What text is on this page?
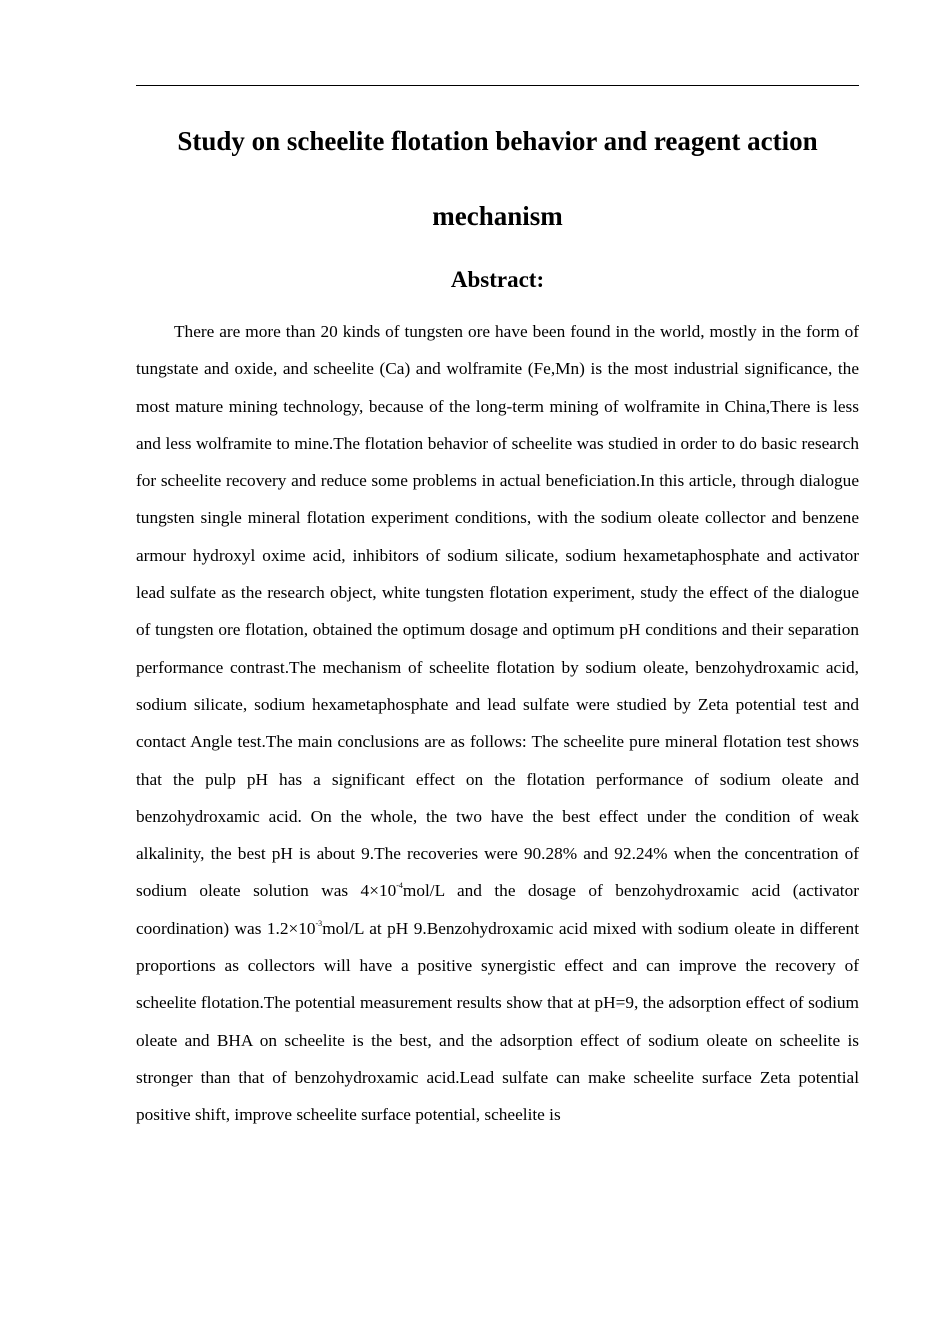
Study on scheelite flotation behavior and reagent action mechanism
Abstract:

There are more than 20 kinds of tungsten ore have been found in the world, mostly in the form of tungstate and oxide, and scheelite (Ca) and wolframite (Fe,Mn) is the most industrial significance, the most mature mining technology, because of the long-term mining of wolframite in China,There is less and less wolframite to mine.The flotation behavior of scheelite was studied in order to do basic research for scheelite recovery and reduce some problems in actual beneficiation.In this article, through dialogue tungsten single mineral flotation experiment conditions, with the sodium oleate collector and benzene armour hydroxyl oxime acid, inhibitors of sodium silicate, sodium hexametaphosphate and activator lead sulfate as the research object, white tungsten flotation experiment, study the effect of the dialogue of tungsten ore flotation, obtained the optimum dosage and optimum pH conditions and their separation performance contrast.The mechanism of scheelite flotation by sodium oleate, benzohydroxamic acid, sodium silicate, sodium hexametaphosphate and lead sulfate were studied by Zeta potential test and contact Angle test.The main conclusions are as follows: The scheelite pure mineral flotation test shows that the pulp pH has a significant effect on the flotation performance of sodium oleate and benzohydroxamic acid. On the whole, the two have the best effect under the condition of weak alkalinity, the best pH is about 9.The recoveries were 90.28% and 92.24% when the concentration of sodium oleate solution was $4\times 10^{-4}mol/L$ and the dosage of benzohydroxamic acid (activator coordination) was $1.2\times 10^{-3}mol/L$ at pH 9.Benzohydroxamic acid mixed with sodium oleate in different proportions as collectors will have a positive synergistic effect and can improve the recovery of scheelite flotation.The potential measurement results show that at pH=9, the adsorption effect of sodium oleate and BHA on scheelite is the best, and the adsorption effect of sodium oleate on scheelite is stronger than that of benzohydroxamic acid.Lead sulfate can make scheelite surface Zeta potential positive shift, improve scheelite surface potential, scheelite is
